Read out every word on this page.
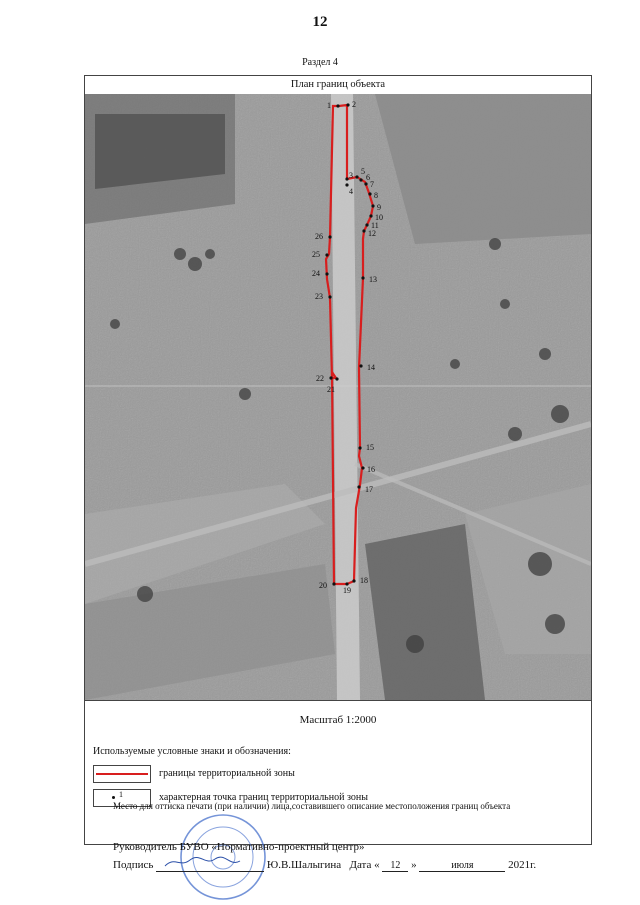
12
Раздел 4
План границ объекта
1	2
3
4
5
6
7
8
9
10
11
12
13
14
15
16
17
18
19
20
21
22
23
24
25
26
Масштаб 1:2000
Используемые условные знаки и обозначения:
границы территориальной зоны
1	характерная точка границ территориальной зоны
Руководитель БУВО «Нормативно-проектный центр»
Подпись	Ю.В.Шалыгина Дата « 12 »	июля	2021г.
Место для оттиска печати (при наличии) лица,составившего описание местоположения границ объекта
